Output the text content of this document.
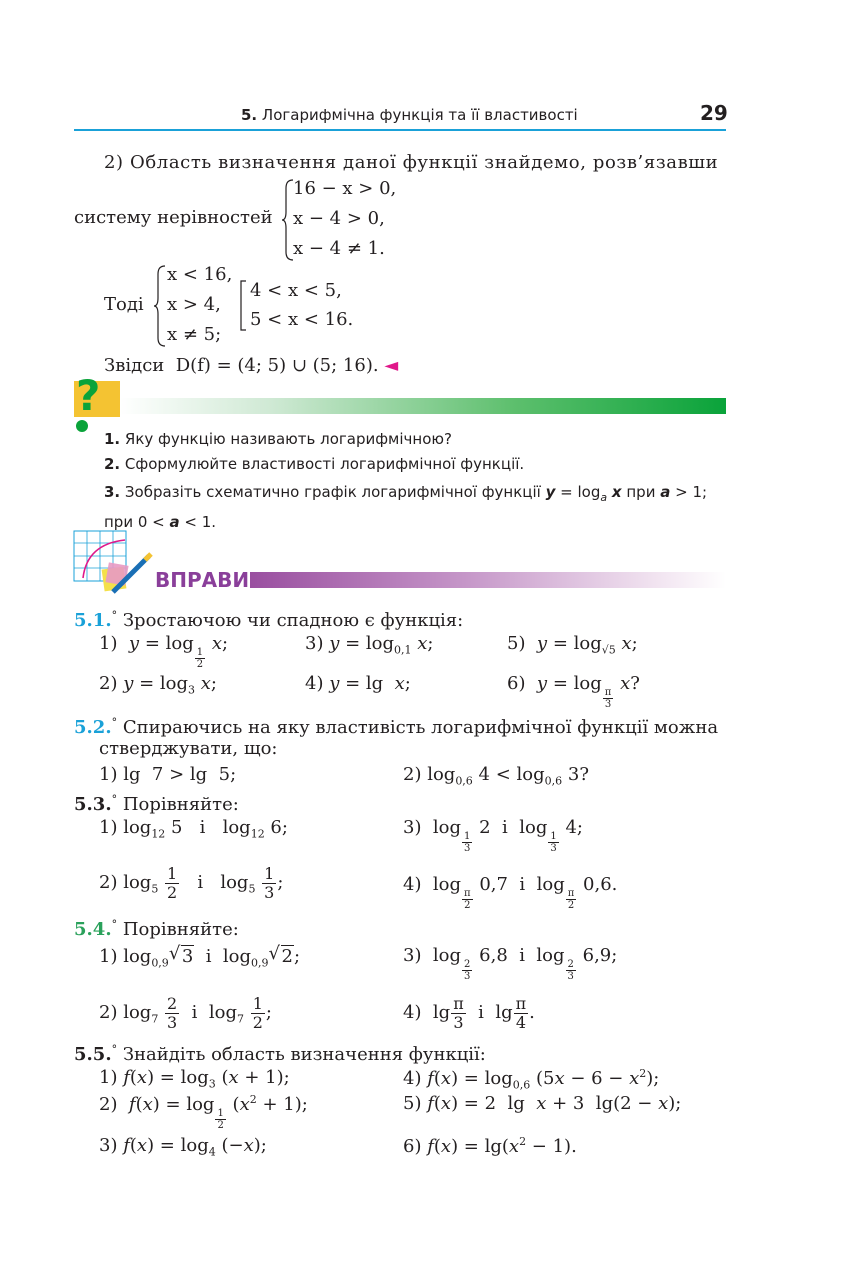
5. Логарифмічна функція та її властивості	29
2) Область визначення даної функції знайдемо, розв’язавши
систему нерівностей
16 − x > 0,
x − 4 > 0,
x − 4 ≠ 1.
Тоді
x < 16,
x > 4,
x ≠ 5;
4 < x < 5,
5 < x < 16.
Звідси D(f) = (4; 5) ∪ (5; 16). ◄
?
1. Яку функцію називають логарифмічною?
2. Сформулюйте властивості логарифмічної функції.
3. Зобразіть схематично графік логарифмічної функції $y = \log_a x$ при a > 1;
при 0 < a < 1.
ВПРАВИ
5.1.° Зростаючою чи спадною є функція:
1)  y = log
$\frac{1}{2}$
x;	3) $y = \log_{0,1} x$;	5)  $y = \log_{√5} x$;
2) $y = \log_3 x$;	4) y = lg  x;	6)  y = log
$\frac{\pi}{3}$
x?
5.2.° Спираючись на яку властивість логарифмічної функції можна
стверджувати, що:
1) lg  7 > lg  5;	2) $\log_{0,6} 4 < \log_{0,6} 3$?
5.3.° Порівняйте:
1) $\log_{12} 5$   і   $\log_{12} 6$;	3)  log
$\frac{1}{3}$
2  і  log
$\frac{1}{3}$
4;
2) $\log_5 \frac{1}{2}$ і   $\log_5 \frac{1}{3}$ ;	4)  log
$\frac{\pi}{2}$
0,7  і  log
$\frac{\pi}{2}$
0,6.
5.4.° Порівняйте:
1) $\log_{0,9}√$ 3  і  $\log_{0,9}√$ 2;	3)  log
$\frac{2}{3}$
6,8  і  log
$\frac{2}{3}$
6,9;
2) $\log_7 \frac{2}{3}$ і  $\log_7 \frac{1}{2}$ ;	4)  $\lg \frac{\pi}{3}$ і  $\lg \frac{\pi}{4}$ .
5.5.° Знайдіть область визначення функції:
1) $f(x) = \log_3 (x + 1)$;	4) $f(x) = \log_{0,6} (5x - 6 - x^2)$;
2)  f(x) = log
$\frac{1}{2}$
$(x^2 + 1)$;	5) f(x) = 2  lg  x + 3  lg(2 − x);
3) $f(x) = \log_4 (-x)$;	6) $f(x) = \lg(x^2 - 1)$.
